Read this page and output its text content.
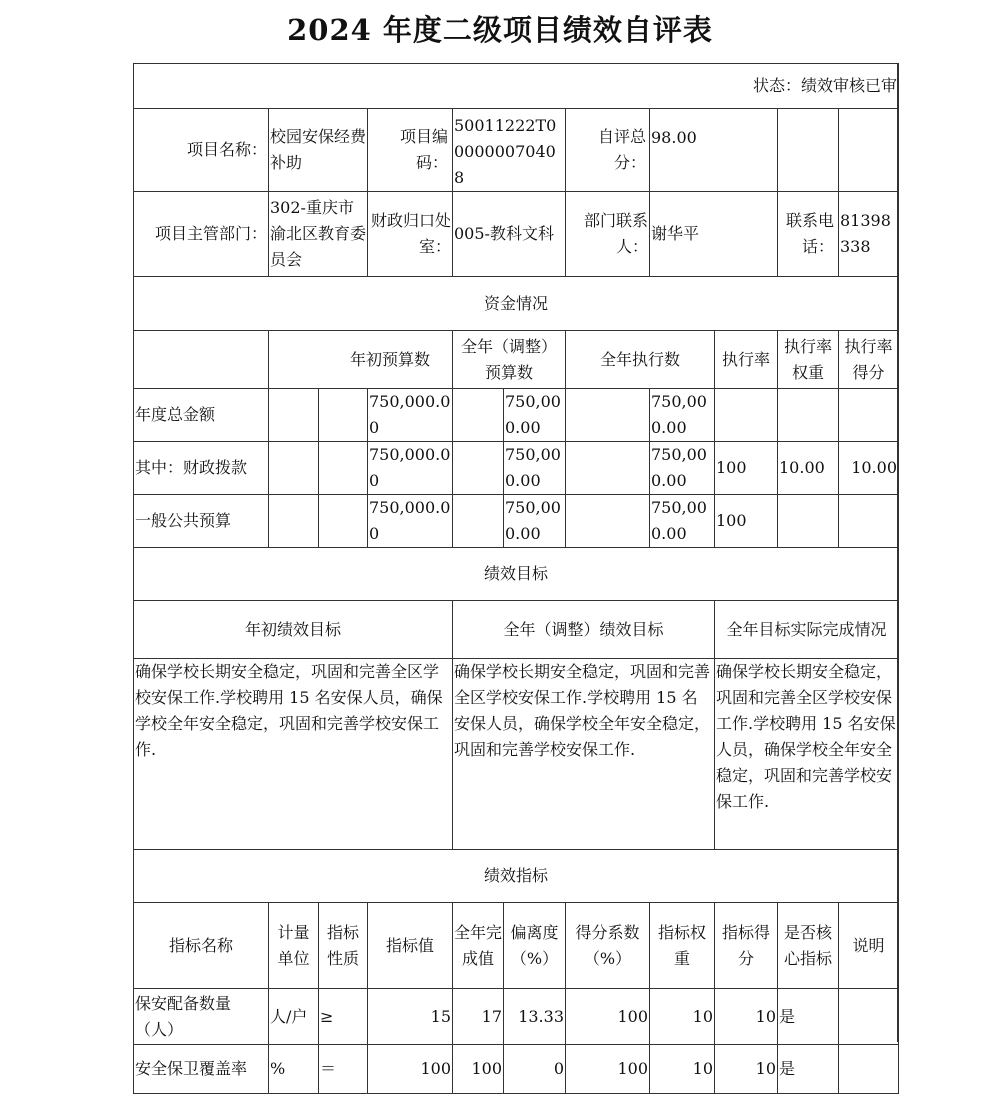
2024 年度二级项目绩效自评表
状态：绩效审核已审										
项目名称：	校园安保经费补助		项目编码：	50011222T000000070408		自评总分：	98.00			
项目主管部门：	302-重庆市渝北区教育委员会		财政归口处室：	005-教科文科		部门联系人：	谢华平		联系电话：	81398338
资金情况										
	年初预算数			全年（调整）预算数		全年执行数		执行率	执行率权重	执行率得分
年度总金额			750,000.00		750,000.00		750,000.00			
其中：财政拨款			750,000.00		750,000.00		750,000.00	100	10.00	10.00
一般公共预算			750,000.00		750,000.00		750,000.00	100		
绩效目标										
年初绩效目标				全年（调整）绩效目标				全年目标实际完成情况		
确保学校长期安全稳定，巩固和完善全区学校安保工作.学校聘用 15 名安保人员，确保学校全年安全稳定，巩固和完善学校安保工作.				确保学校长期安全稳定，巩固和完善全区学校安保工作.学校聘用 15 名安保人员，确保学校全年安全稳定，巩固和完善学校安保工作.				确保学校长期安全稳定，巩固和完善全区学校安保工作.学校聘用 15 名安保人员，确保学校全年安全稳定，巩固和完善学校安保工作.		
绩效指标										
指标名称	计量单位	指标性质	指标值	全年完成值	偏离度（%）	得分系数（%）	指标权重	指标得分	是否核心指标	说明
保安配备数量（人）	人/户	≥	15	17	13.33	100	10	10	是	
安全保卫覆盖率	%	＝	100	100	0	100	10	10	是	
